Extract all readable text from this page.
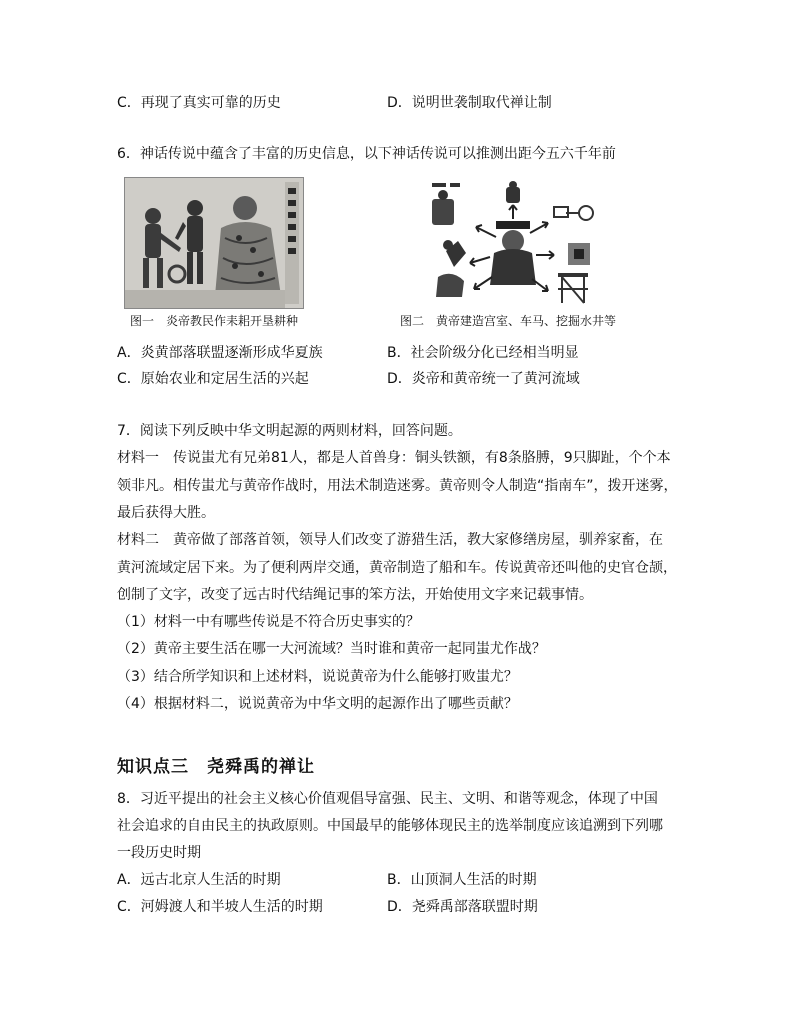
C．再现了真实可靠的历史	D．说明世袭制取代禅让制
6．神话传说中蕴含了丰富的历史信息，以下神话传说可以推测出距今五六千年前
图一　炎帝教民作耒耜开垦耕种	图二　黄帝建造宫室、车马、挖掘水井等
A．炎黄部落联盟逐渐形成华夏族	B．社会阶级分化已经相当明显
C．原始农业和定居生活的兴起	D．炎帝和黄帝统一了黄河流域
7．阅读下列反映中华文明起源的两则材料，回答问题。
材料一　传说蚩尤有兄弟81人，都是人首兽身：铜头铁额，有8条胳膊，9只脚趾，个个本
领非凡。相传蚩尤与黄帝作战时，用法术制造迷雾。黄帝则令人制造“指南车”，拨开迷雾，
最后获得大胜。
材料二　黄帝做了部落首领，领导人们改变了游猎生活，教大家修缮房屋，驯养家畜，在
黄河流域定居下来。为了便利两岸交通，黄帝制造了船和车。传说黄帝还叫他的史官仓颉，
创制了文字，改变了远古时代结绳记事的笨方法，开始使用文字来记载事情。
（1）材料一中有哪些传说是不符合历史事实的？
（2）黄帝主要生活在哪一大河流域？当时谁和黄帝一起同蚩尤作战？
（3）结合所学知识和上述材料，说说黄帝为什么能够打败蚩尤？
（4）根据材料二，说说黄帝为中华文明的起源作出了哪些贡献？
知识点三　尧舜禹的禅让
8．习近平提出的社会主义核心价值观倡导富强、民主、文明、和谐等观念，体现了中国
社会追求的自由民主的执政原则。中国最早的能够体现民主的选举制度应该追溯到下列哪
一段历史时期
A．远古北京人生活的时期	B．山顶洞人生活的时期
C．河姆渡人和半坡人生活的时期	D．尧舜禹部落联盟时期
